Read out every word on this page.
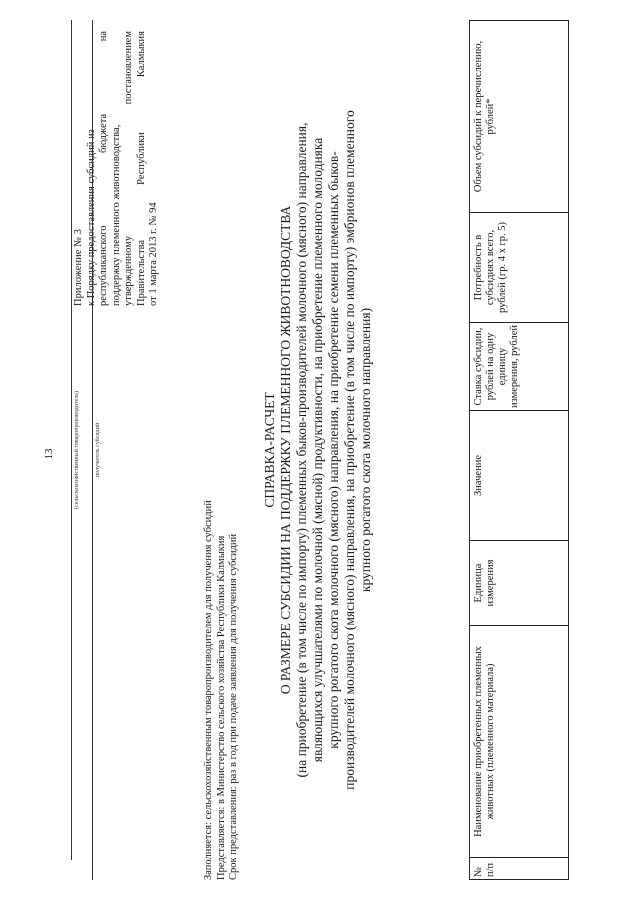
13
Приложение № 3 к Порядку предоставления субсидий из республиканского
бюджета
на
поддержку племенного животноводства, утвержденному
постановлением
Правительства
Республики
Калмыкия
от 1 марта 2013 г. № 94
Заполняется: сельскохозяйственным товаропроизводителем для получения субсидий Представляется: в Министерство сельского хозяйства Республики Калмыкия Срок представления: раз в год при подаче заявления для получения субсидий
СПРАВКА-РАСЧЕТ О РАЗМЕРЕ СУБСИДИИ НА ПОДДЕРЖКУ ПЛЕМЕННОГО ЖИВОТНОВОДСТВА (на приобретение (в том числе по импорту) племенных быков-производителей молочного (мясного) направления, являющихся улучшателями по молочной (мясной) продуктивности, на приобретение племенного молодняка крупного рогатого скота молочного (мясного) направления, на приобретение семени племенных быков- производителей молочного (мясного) направления, на приобретение (в том числе по импорту) эмбрионов племенного крупного рогатого скота молочного направления)
(сельскохозяйственный товаропроизводитель)	получатель субсидий
№ п/п	Наименование приобретенных племенных животных (племенного материала)	Единица измерения	Значение	Ставка субсидии, рублей на одну единицу измерения, рублей	Потребность в субсидиях всего, рублей (гр. 4 х гр. 5)	Объем субсидий к перечислению, рублей*
